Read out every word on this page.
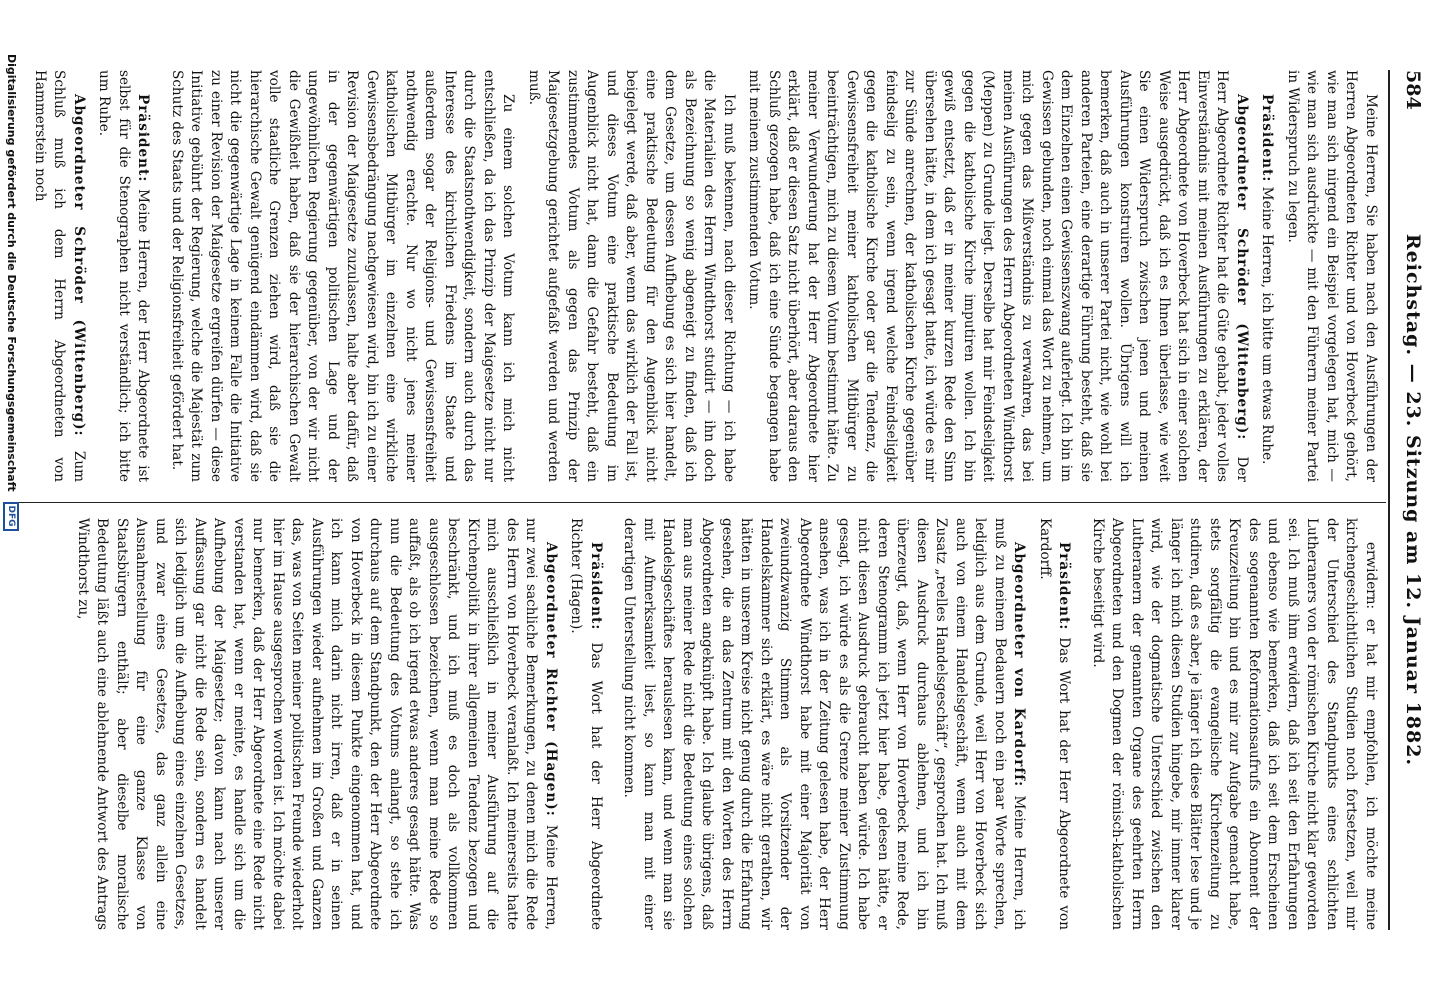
584
Reichstag. — 23. Sitzung am 12. Januar 1882.

Meine Herren, Sie haben nach den Ausführungen der Herren Abgeordneten Richter und von Hoverbeck gehört, wie man sich nirgend ein Beispiel vorgelegen hat, mich — wie man sich ausdrückte — mit den Führern meiner Partei in Widerspruch zu legen.

Präsident: Meine Herren, ich bitte um etwas Ruhe.

Abgeordneter Schröder (Wittenberg): Der Herr Abgeordnete Richter hat die Güte gehabt, jeder volles Einverständnis mit meinen Ausführungen zu erklären, der Herr Abgeordnete von Hoverbeck hat sich in einer solchen Weise ausgedrückt, daß ich es Ihnen überlasse, wie weit Sie einen Widerspruch zwischen jenen und meinen Ausführungen konstruiren wollen. Übrigens will ich bemerken, daß auch in unserer Partei nicht, wie wohl bei anderen Parteien, eine derartige Führung besteht, daß sie dem Einzelnen einen Gewissenszwang auferlegt. Ich bin im Gewissen gebunden, noch einmal das Wort zu nehmen, um mich gegen das Mißverständnis zu verwahren, das bei meinen Ausführungen des Herrn Abgeordneten Windthorst (Meppen) zu Grunde liegt. Derselbe hat mir Feindseligkeit gegen die katholische Kirche imputiren wollen. Ich bin gewiß entsetzt, daß er in meiner kurzen Rede den Sinn übersehen hätte, in dem ich gesagt hatte, ich würde es mir zur Sünde anrechnen, der katholischen Kirche gegenüber feindselig zu sein, wenn irgend welche Feindseligkeit gegen die katholische Kirche oder gar die Tendenz, die Gewissensfreiheit meiner katholischen Mitbürger zu beeinträchtigen, mich zu diesem Votum bestimmt hätte. Zu meiner Verwunderung hat der Herr Abgeordnete hier erklärt, daß er diesen Satz nicht überhört, aber daraus den Schluß gezogen habe, daß ich eine Sünde begangen habe mit meinem zustimmenden Votum.

Ich muß bekennen, nach dieser Richtung — ich habe die Materialien des Herrn Windthorst studirt — ihn doch als Bezeichnung so wenig abgeneigt zu finden, daß ich dem Gesetze, um dessen Aufhebung es sich hier handelt, eine praktische Bedeutung für den Augenblick nicht beigelegt werde, daß aber, wenn das wirklich der Fall ist, und dieses Votum eine praktische Bedeutung im Augenblick nicht hat, dann die Gefahr besteht, daß ein zustimmendes Votum als gegen das Prinzip der Maigesetzgebung gerichtet aufgefaßt werden und werden muß.

Zu einem solchen Votum kann ich mich nicht entschließen, da ich das Prinzip der Maigesetze nicht nur durch die Staatsnothwendigkeit, sondern auch durch das Interesse des kirchlichen Friedens im Staate und außerdem sogar der Religions- und Gewissensfreiheit nothwendig erachte. Nur wo nicht jenes meiner katholischen Mitbürger im einzelnen eine wirkliche Gewissensbedrängung nachgewiesen wird, bin ich zu einer Revision der Maigesetze zuzulassen, halte aber dafür, daß in der gegenwärtigen politischen Lage und der ungewöhnlichen Regierung gegenüber, von der wir nicht die Gewißheit haben, daß sie der hierarchischen Gewalt volle staatliche Grenzen ziehen wird, daß sie die hierarchische Gewalt genügend eindämmen wird, daß sie nicht die gegenwärtige Lage in keinem Falle die Initiative zu einer Revision der Maigesetze ergreifen dürfen — diese Initiative gebührt der Regierung, welche die Majestät zum Schutz des Staats und der Religionsfreiheit gefördert hat.

Präsident: Meine Herren, der Herr Abgeordnete ist selbst für die Stenographen nicht verständlich; ich bitte um Ruhe.

Abgeordneter Schröder (Wittenberg): Zum Schluß muß ich dem Herrn Abgeordneten von Hammerstein noch

erwidern: er hat mir empfohlen, ich möchte meine kirchengeschichtlichen Studien noch fortsetzen, weil mir der Unterschied des Standpunkts eines schlichten Lutheraners von der römischen Kirche nicht klar geworden sei. Ich muß ihm erwidern, daß ich seit den Erfahrungen und ebenso wie bemerken, daß ich seit dem Erscheinen des sogenannten Reformationsaufrufs ein Abonnent der Kreuzzeitung bin und es mir zur Aufgabe gemacht habe, stets sorgfältig die evangelische Kirchenzeitung zu studiren, daß es aber, je länger ich diese Blätter lese und je länger ich mich diesen Studien hingebe, mir immer klarer wird, wie der dogmatische Unterschied zwischen den Lutheranern der genannten Organe des geehrten Herrn Abgeordneten und den Dogmen der römisch-katholischen Kirche beseitigt wird.

Präsident: Das Wort hat der Herr Abgeordnete von Kardorff.

Abgeordneter von Kardorff: Meine Herren, ich muß zu meinem Bedauern noch ein paar Worte sprechen, lediglich aus dem Grunde, weil Herr von Hoverbeck sich auch von einem Handelsgeschäft, wenn auch mit dem Zusatz „reelles Handelsgeschäft“, gesprochen hat. Ich muß diesen Ausdruck durchaus ablehnen, und ich bin überzeugt, daß, wenn Herr von Hoverbeck meine Rede, deren Stenogramm ich jetzt hier habe, gelesen hätte, er nicht diesen Ausdruck gebraucht haben würde. Ich habe gesagt, ich würde es als die Grenze meiner Zustimmung ansehen, was ich in der Zeitung gelesen habe, der Herr Abgeordnete Windthorst habe mit einer Majorität von zweiundzwanzig Stimmen als Vorsitzender der Handelskammer sich erklärt, es wäre nicht gerathen, wir hätten in unserem Kreise nicht genug durch die Erfahrung gesehen, die an das Zentrum mit den Worten des Herrn Abgeordneten angeknüpft habe. Ich glaube übrigens, daß man aus meiner Rede nicht die Bedeutung eines solchen Handelsgeschäftes herauslesen kann, und wenn man sie mit Aufmerksamkeit liest, so kann man mit einer derartigen Unterstellung nicht kommen.

Präsident: Das Wort hat der Herr Abgeordnete Richter (Hagen).

Abgeordneter Richter (Hagen): Meine Herren, nur zwei sachliche Bemerkungen, zu denen mich die Rede des Herrn von Hoverbeck veranlaßt. Ich meinerseits hatte mich ausschließlich in meiner Ausführung auf die Kirchenpolitik in ihrer allgemeinen Tendenz bezogen und beschränkt, und ich muß es doch als vollkommen ausgeschlossen bezeichnen, wenn man meine Rede so auffaßt, als ob ich irgend etwas anderes gesagt hätte. Was nun die Bedeutung des Votums anlangt, so stehe ich durchaus auf dem Standpunkt, den der Herr Abgeordnete von Hoverbeck in diesem Punkte eingenommen hat, und ich kann mich darin nicht irren, daß er in seinen Ausführungen wieder aufnehmen im Großen und Ganzen das, was von Seiten meiner politischen Freunde wiederholt hier im Hause ausgesprochen worden ist. Ich möchte dabei nur bemerken, daß der Herr Abgeordnete eine Rede nicht verstanden hat, wenn er meinte, es handle sich um die Aufhebung der Maigesetze; davon kann nach unserer Auffassung gar nicht die Rede sein, sondern es handelt sich lediglich um die Aufhebung eines einzelnen Gesetzes, und zwar eines Gesetzes, das ganz allein eine Ausnahmestellung für eine ganze Klasse von Staatsbürgern enthält; aber dieselbe moralische Bedeutung läßt auch eine ablehnende Antwort des Antrags Windthorst zu,

Digitalisierung gefördert durch die Deutsche Forschungsgemeinschaft DFG
